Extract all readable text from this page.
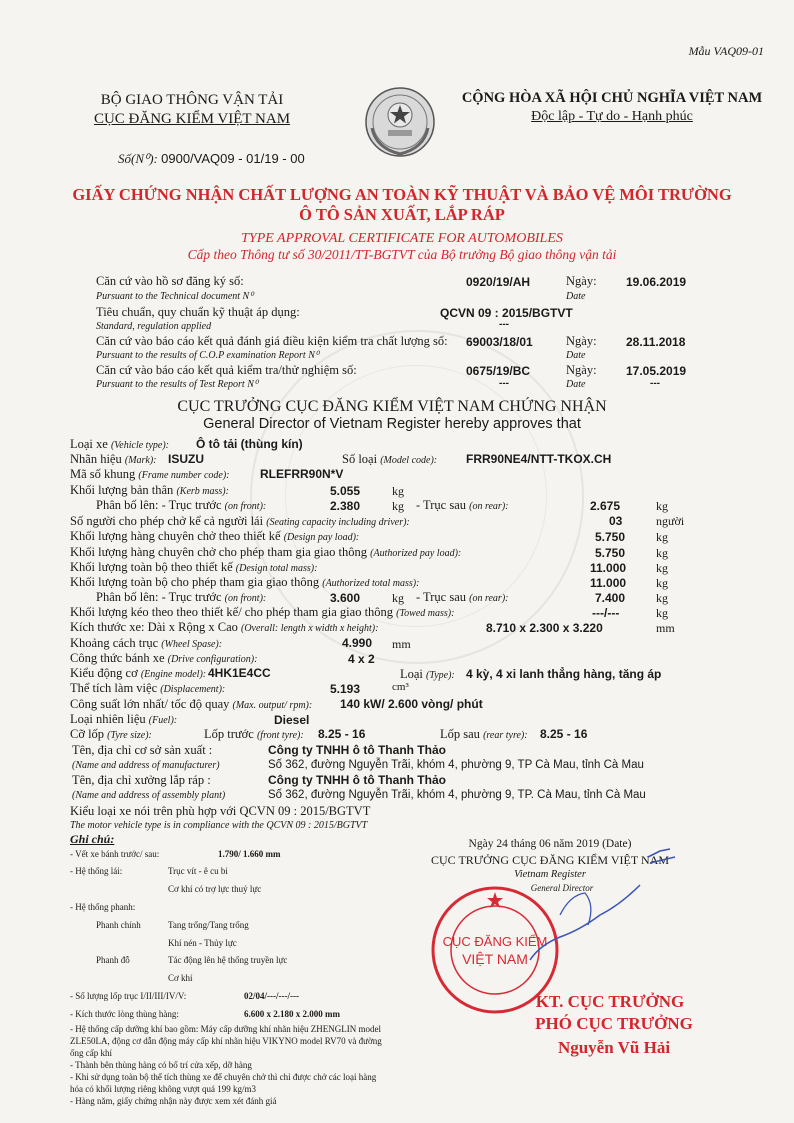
Mẫu VAQ09-01
BỘ GIAO THÔNG VẬN TẢI
CỤC ĐĂNG KIỂM VIỆT NAM
Số(N⁰): 0900/VAQ09 - 01/19 - 00
CỘNG HÒA XÃ HỘI CHỦ NGHĨA VIỆT NAM
Độc lập - Tự do - Hạnh phúc
GIẤY CHỨNG NHẬN CHẤT LƯỢNG AN TOÀN KỸ THUẬT VÀ BẢO VỆ MÔI TRƯỜNG
Ô TÔ SẢN XUẤT, LẮP RÁP
TYPE APPROVAL CERTIFICATE FOR AUTOMOBILES
Cấp theo Thông tư số 30/2011/TT-BGTVT của Bộ trưởng Bộ giao thông vận tải
Căn cứ vào hồ sơ đăng ký số:	0920/19/AH	Ngày: 19.06.2019
Pursuant to the Technical document N⁰	Date
Tiêu chuẩn, quy chuẩn kỹ thuật áp dụng:	QCVN 09 : 2015/BGTVT
Standard, regulation applied	---
Căn cứ vào báo cáo kết quả đánh giá điều kiện kiểm tra chất lượng số: 69003/18/01	Ngày: 28.11.2018
Pursuant to the results of C.O.P examination Report N⁰	Date
Căn cứ vào báo cáo kết quả kiểm tra/thử nghiệm số:	0675/19/BC	Ngày: 17.05.2019
Pursuant to the results of Test Report N⁰	---	Date	---
CỤC TRƯỞNG CỤC ĐĂNG KIỂM VIỆT NAM CHỨNG NHẬN
General Director of Vietnam Register hereby approves that
Loại xe (Vehicle type): Ô tô tải (thùng kín)
Nhãn hiệu (Mark): ISUZU	Số loại (Model code): FRR90NE4/NTT-TKOX.CH
Mã số khung (Frame number code):	RLEFRR90N*V
Khối lượng bản thân (Kerb mass):	5.055	kg
Phân bố lên: - Trục trước (on front):	2.380	kg - Trục sau (on rear):	2.675	kg
Số người cho phép chở kể cả người lái (Seating capacity including driver):	03	người
Khối lượng hàng chuyên chở theo thiết kế (Design pay load):	5.750	kg
Khối lượng hàng chuyên chở cho phép tham gia giao thông (Authorized pay load):	5.750	kg
Khối lượng toàn bộ theo thiết kế (Design total mass):	11.000 kg
Khối lượng toàn bộ cho phép tham gia giao thông (Authorized total mass):	11.000 kg
Phân bố lên: - Trục trước (on front):	3.600	kg - Trục sau (on rear):	7.400	kg
Khối lượng kéo theo theo thiết kế/ cho phép tham gia giao thông (Towed mass):	---/---	kg
Kích thước xe: Dài x Rộng x Cao (Overall: length x width x height):	8.710 x 2.300 x 3.220	mm
Khoảng cách trục (Wheel Spase):	4.990 mm
Công thức bánh xe (Drive configuration):	4 x 2
Kiểu động cơ (Engine model): 4HK1E4CC	Loại (Type): 4 kỳ, 4 xi lanh thẳng hàng, tăng áp
Thể tích làm việc (Displacement):	5.193	cm³
Công suất lớn nhất/ tốc độ quay (Max. output/ rpm): 140 kW/ 2.600 vòng/ phút
Loại nhiên liệu (Fuel):	Diesel
Cỡ lốp (Tyre size):	Lốp trước (front tyre): 8.25 - 16	Lốp sau (rear tyre): 8.25 - 16
Tên, địa chỉ cơ sở sản xuất :	Công ty TNHH ô tô Thanh Thảo
(Name and address of manufacturer)	Số 362, đường Nguyễn Trãi, khóm 4, phường 9, TP Cà Mau, tỉnh Cà Mau
Tên, địa chỉ xưởng lắp ráp :	Công ty TNHH ô tô Thanh Thảo
(Name and address of assembly plant)	Số 362, đường Nguyễn Trãi, khóm 4, phường 9, TP. Cà Mau, tỉnh Cà Mau
Kiểu loại xe nói trên phù hợp với QCVN 09 : 2015/BGTVT
The motor vehicle type is in compliance with the QCVN 09 : 2015/BGTVT
Ghi chú:
- Vết xe bánh trước/ sau:	1.790/ 1.660 mm
- Hệ thống lái:	Trục vít - ê cu bi
Cơ khí có trợ lực thuỷ lực
- Hệ thống phanh:
Phanh chính	Tang trống/Tang trống
Khí nén - Thủy lực
Phanh đỗ	Tác động lên hệ thống truyền lực
Cơ khí
- Số lượng lốp trục I/II/III/IV/V:	02/04/---/---/---
- Kích thước lòng thùng hàng:	6.600 x 2.180 x 2.000 mm
- Hệ thống cấp dưỡng khí bao gồm: Máy cấp dưỡng khí nhãn hiệu ZHENGLIN model
ZLE50LA, động cơ dẫn động máy cấp khí nhãn hiệu VIKYNO model RV70 và đường
ống cấp khí
- Thành bên thùng hàng có bố trí cửa xếp, dỡ hàng
- Khi sử dụng toàn bộ thể tích thùng xe để chuyên chở thì chỉ được chở các loại hàng
hóa có khối lượng riêng không vượt quá 199 kg/m3
- Hàng năm, giấy chứng nhận này được xem xét đánh giá
Ngày 24 tháng 06 năm 2019 (Date)
CỤC TRƯỞNG CỤC ĐĂNG KIỂM VIỆT NAM
Vietnam Register
General Director
CỤC ĐĂNG KIỂM
VIỆT NAM
KT. CỤC TRƯỞNG
PHÓ CỤC TRƯỞNG
Nguyễn Vũ Hải
